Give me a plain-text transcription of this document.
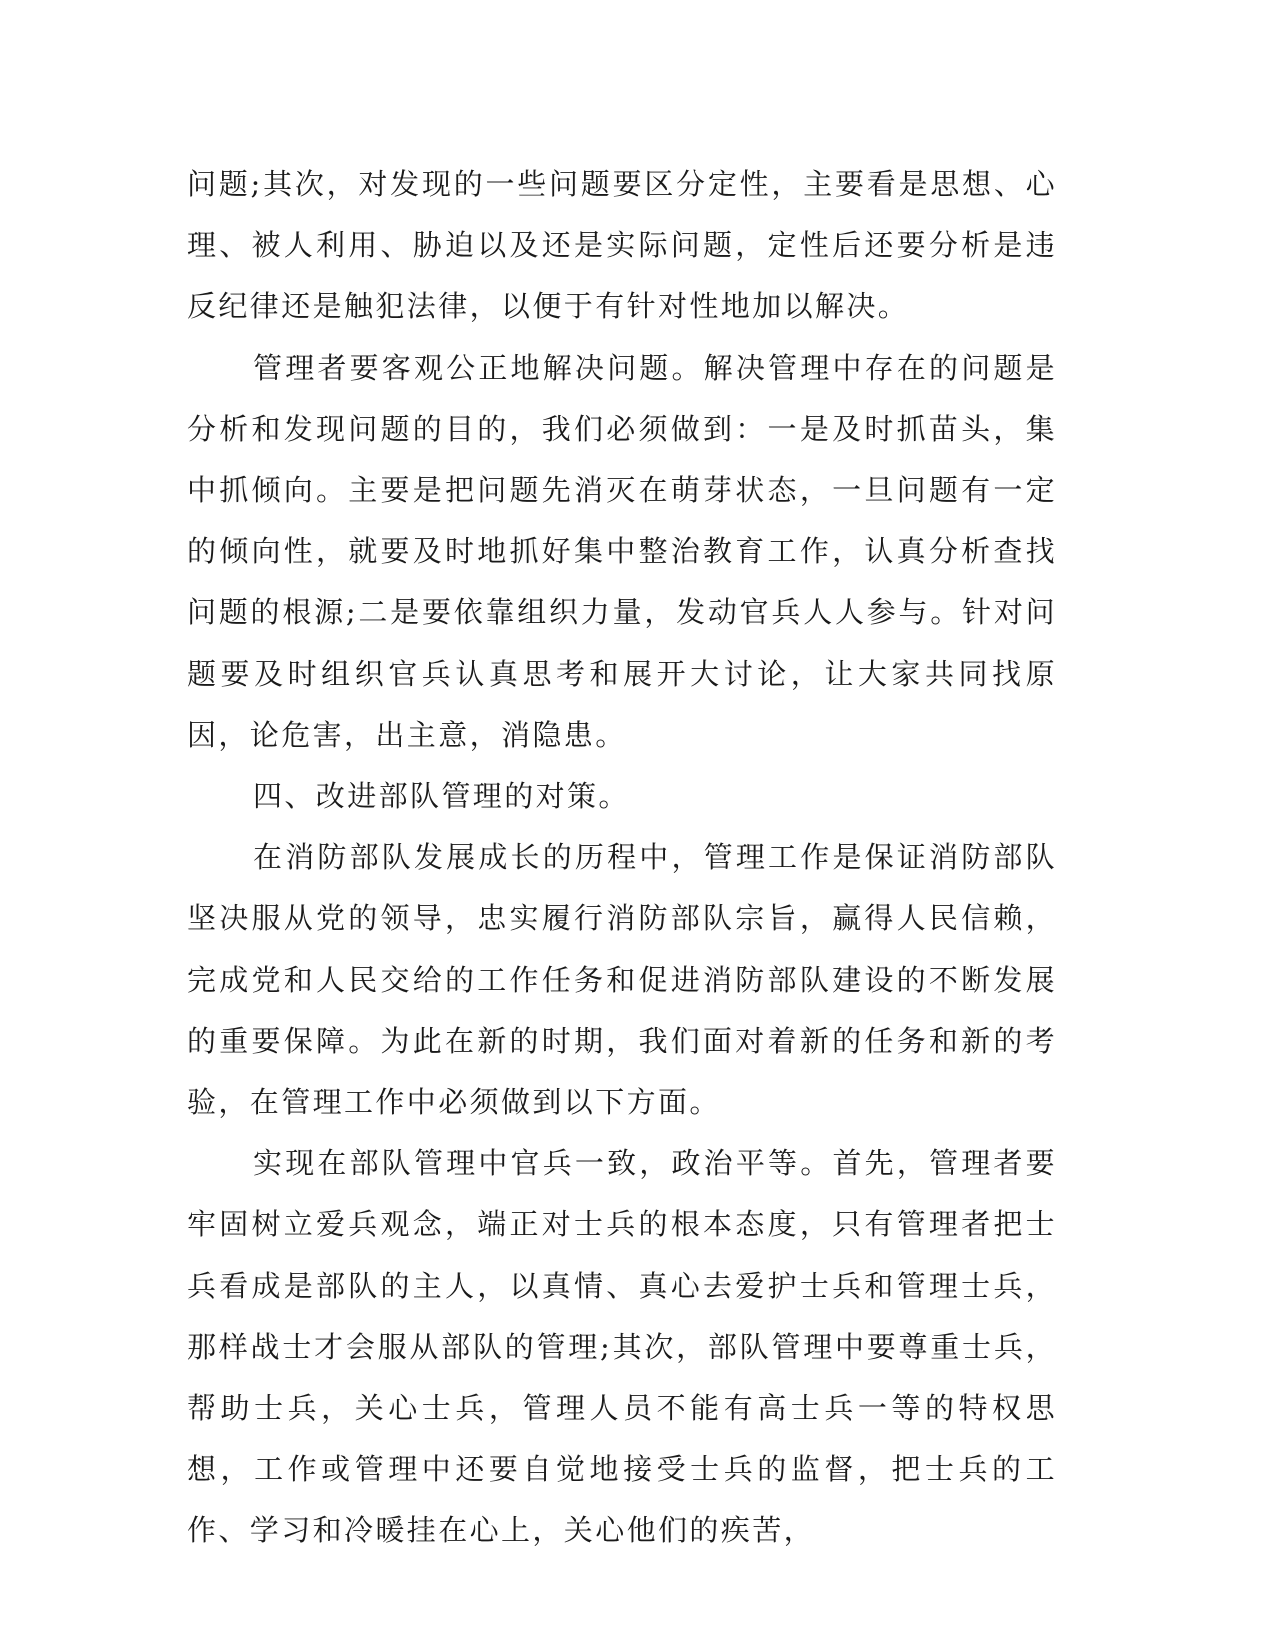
问题;其次，对发现的一些问题要区分定性，主要看是思想、心理、被人利用、胁迫以及还是实际问题，定性后还要分析是违反纪律还是触犯法律，以便于有针对性地加以解决。

管理者要客观公正地解决问题。解决管理中存在的问题是分析和发现问题的目的，我们必须做到：一是及时抓苗头，集中抓倾向。主要是把问题先消灭在萌芽状态，一旦问题有一定的倾向性，就要及时地抓好集中整治教育工作，认真分析查找问题的根源;二是要依靠组织力量，发动官兵人人参与。针对问题要及时组织官兵认真思考和展开大讨论，让大家共同找原因，论危害，出主意，消隐患。

四、改进部队管理的对策。

在消防部队发展成长的历程中，管理工作是保证消防部队坚决服从党的领导，忠实履行消防部队宗旨，赢得人民信赖，完成党和人民交给的工作任务和促进消防部队建设的不断发展的重要保障。为此在新的时期，我们面对着新的任务和新的考验，在管理工作中必须做到以下方面。

实现在部队管理中官兵一致，政治平等。首先，管理者要牢固树立爱兵观念，端正对士兵的根本态度，只有管理者把士兵看成是部队的主人，以真情、真心去爱护士兵和管理士兵，那样战士才会服从部队的管理;其次，部队管理中要尊重士兵，帮助士兵，关心士兵，管理人员不能有高士兵一等的特权思想，工作或管理中还要自觉地接受士兵的监督，把士兵的工作、学习和冷暖挂在心上，关心他们的疾苦，
